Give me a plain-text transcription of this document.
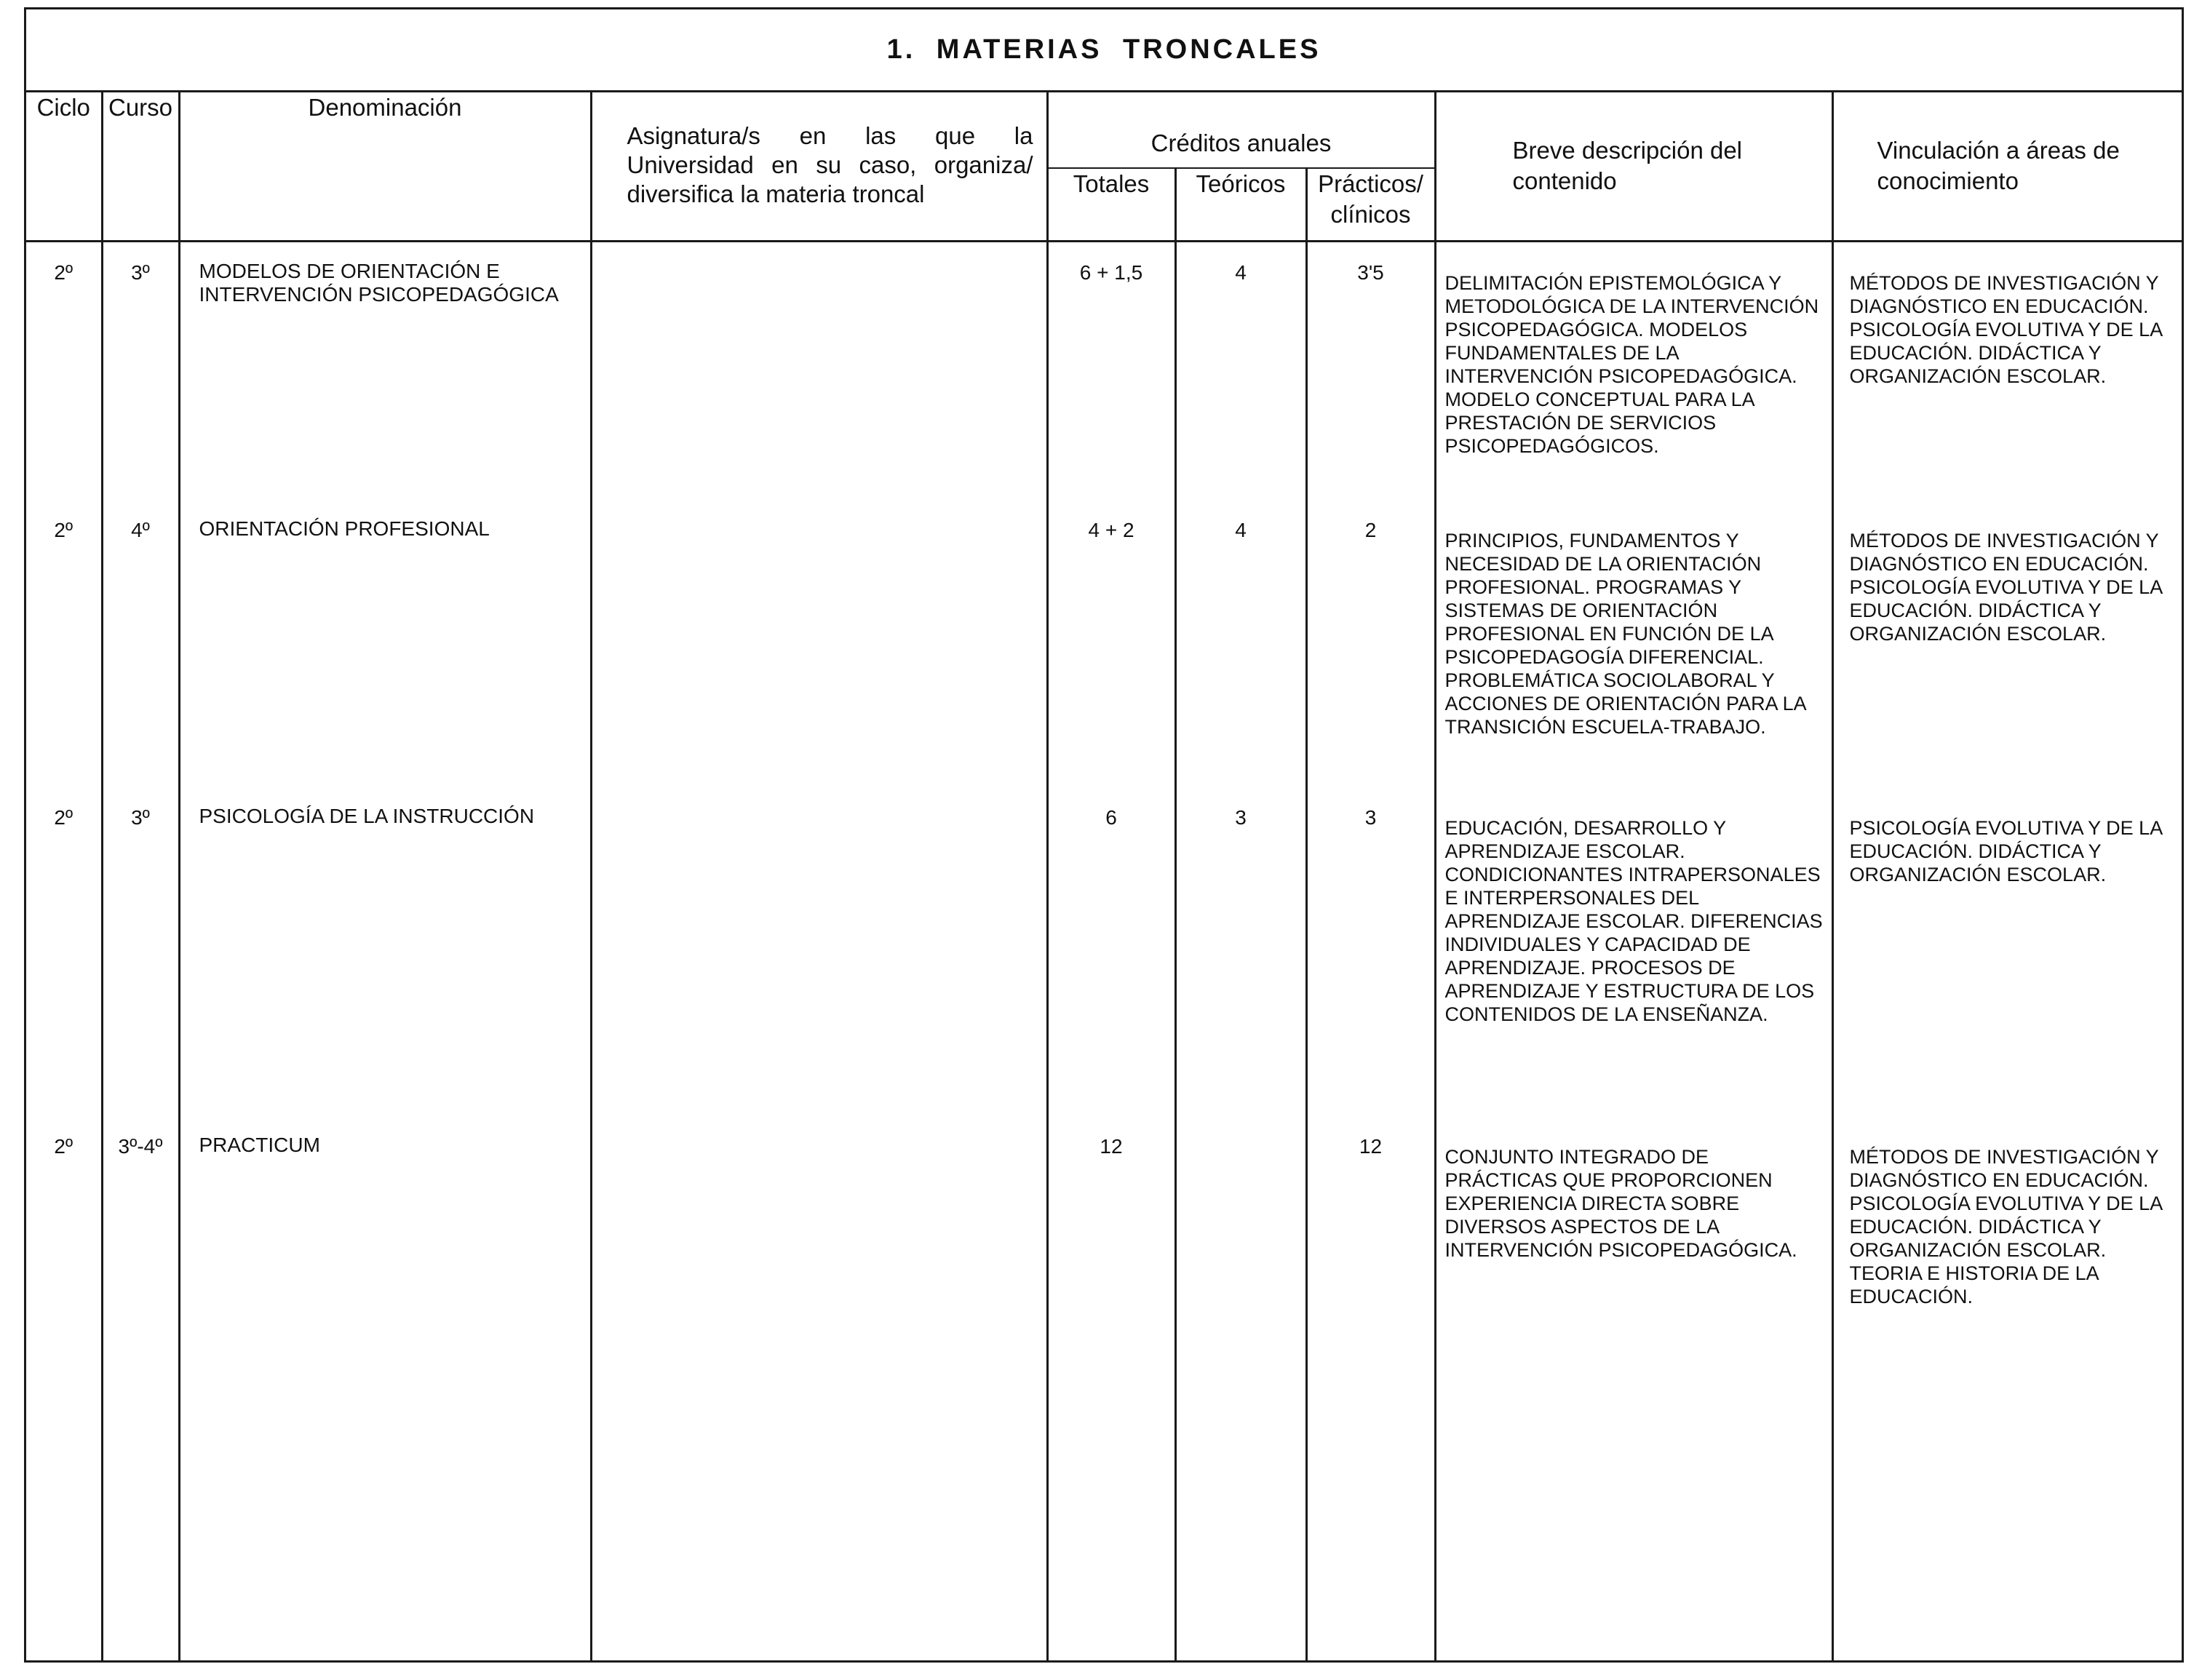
1. MATERIAS TRONCALES
Ciclo	Curso	Denominación	Asignatura/s en las que la Universidad en su caso, organiza/ diversifica la materia troncal	Créditos anuales			Breve descripción del contenido	Vinculación a áreas de conocimiento
				Totales	Teóricos	Prácticos/ clínicos		
2º	3º	MODELOS DE ORIENTACIÓN E INTERVENCIÓN PSICOPEDAGÓGICA		6 + 1,5	4	3'5	DELIMITACIÓN EPISTEMOLÓGICA Y METODOLÓGICA DE LA INTERVENCIÓN PSICOPEDAGÓGICA. MODELOS FUNDAMENTALES DE LA INTERVENCIÓN PSICOPEDAGÓGICA. MODELO CONCEPTUAL PARA LA PRESTACIÓN DE SERVICIOS PSICOPEDAGÓGICOS.	MÉTODOS DE INVESTIGACIÓN Y DIAGNÓSTICO EN EDUCACIÓN. PSICOLOGÍA EVOLUTIVA Y DE LA EDUCACIÓN. DIDÁCTICA Y ORGANIZACIÓN ESCOLAR.
2º	4º	ORIENTACIÓN PROFESIONAL		4 + 2	4	2	PRINCIPIOS, FUNDAMENTOS Y NECESIDAD DE LA ORIENTACIÓN PROFESIONAL. PROGRAMAS Y SISTEMAS DE ORIENTACIÓN PROFESIONAL EN FUNCIÓN DE LA PSICOPEDAGOGÍA DIFERENCIAL. PROBLEMÁTICA SOCIOLABORAL Y ACCIONES DE ORIENTACIÓN PARA LA TRANSICIÓN ESCUELA-TRABAJO.	MÉTODOS DE INVESTIGACIÓN Y DIAGNÓSTICO EN EDUCACIÓN. PSICOLOGÍA EVOLUTIVA Y DE LA EDUCACIÓN. DIDÁCTICA Y ORGANIZACIÓN ESCOLAR.
2º	3º	PSICOLOGÍA DE LA INSTRUCCIÓN		6	3	3	EDUCACIÓN, DESARROLLO Y APRENDIZAJE ESCOLAR. CONDICIONANTES INTRAPERSONALES E INTERPERSONALES DEL APRENDIZAJE ESCOLAR. DIFERENCIAS INDIVIDUALES Y CAPACIDAD DE APRENDIZAJE. PROCESOS DE APRENDIZAJE Y ESTRUCTURA DE LOS CONTENIDOS DE LA ENSEÑANZA.	PSICOLOGÍA EVOLUTIVA Y DE LA EDUCACIÓN. DIDÁCTICA Y ORGANIZACIÓN ESCOLAR.
2º	3º-4º	PRACTICUM		12		12	CONJUNTO INTEGRADO DE PRÁCTICAS QUE PROPORCIONEN EXPERIENCIA DIRECTA SOBRE DIVERSOS ASPECTOS DE LA INTERVENCIÓN PSICOPEDAGÓGICA.	MÉTODOS DE INVESTIGACIÓN Y DIAGNÓSTICO EN EDUCACIÓN. PSICOLOGÍA EVOLUTIVA Y DE LA EDUCACIÓN. DIDÁCTICA Y ORGANIZACIÓN ESCOLAR. TEORIA E HISTORIA DE LA EDUCACIÓN.
